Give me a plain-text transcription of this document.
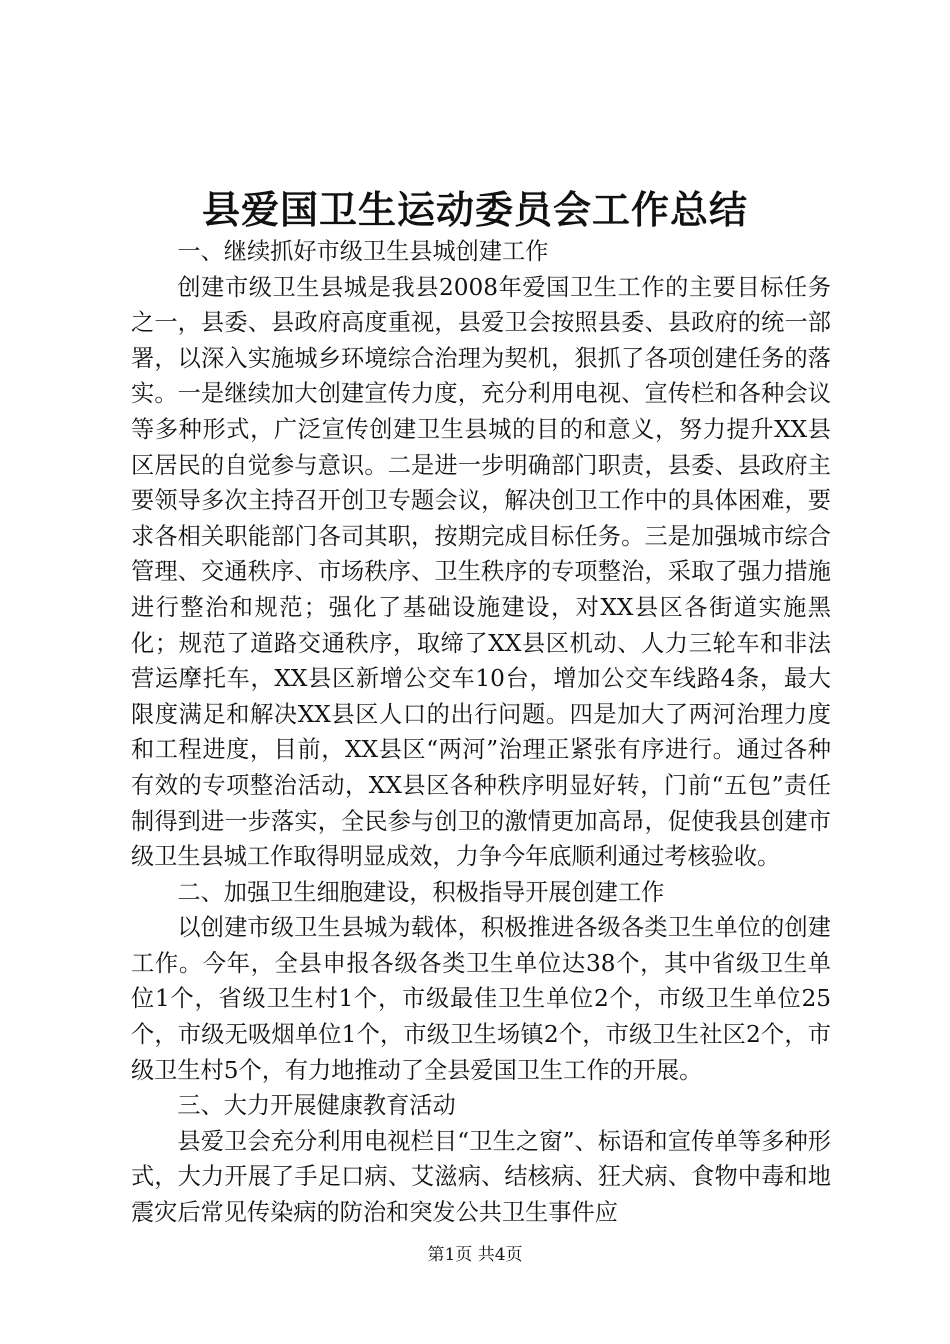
县爱国卫生运动委员会工作总结

一、继续抓好市级卫生县城创建工作

创建市级卫生县城是我县2008年爱国卫生工作的主要目标任务之一，县委、县政府高度重视，县爱卫会按照县委、县政府的统一部署，以深入实施城乡环境综合治理为契机，狠抓了各项创建任务的落实。一是继续加大创建宣传力度，充分利用电视、宣传栏和各种会议等多种形式，广泛宣传创建卫生县城的目的和意义，努力提升XX县区居民的自觉参与意识。二是进一步明确部门职责，县委、县政府主要领导多次主持召开创卫专题会议，解决创卫工作中的具体困难，要求各相关职能部门各司其职，按期完成目标任务。三是加强城市综合管理、交通秩序、市场秩序、卫生秩序的专项整治，采取了强力措施进行整治和规范；强化了基础设施建设，对XX县区各街道实施黑化；规范了道路交通秩序，取缔了XX县区机动、人力三轮车和非法营运摩托车，XX县区新增公交车10台，增加公交车线路4条，最大限度满足和解决XX县区人口的出行问题。四是加大了两河治理力度和工程进度，目前，XX县区“两河”治理正紧张有序进行。通过各种有效的专项整治活动，XX县区各种秩序明显好转，门前“五包”责任制得到进一步落实，全民参与创卫的激情更加高昂，促使我县创建市级卫生县城工作取得明显成效，力争今年底顺利通过考核验收。

二、加强卫生细胞建设，积极指导开展创建工作

以创建市级卫生县城为载体，积极推进各级各类卫生单位的创建工作。今年，全县申报各级各类卫生单位达38个，其中省级卫生单位1个，省级卫生村1个，市级最佳卫生单位2个，市级卫生单位25个，市级无吸烟单位1个，市级卫生场镇2个，市级卫生社区2个，市级卫生村5个，有力地推动了全县爱国卫生工作的开展。

三、大力开展健康教育活动

县爱卫会充分利用电视栏目“卫生之窗”、标语和宣传单等多种形式，大力开展了手足口病、艾滋病、结核病、狂犬病、食物中毒和地震灾后常见传染病的防治和突发公共卫生事件应

第1页 共4页
